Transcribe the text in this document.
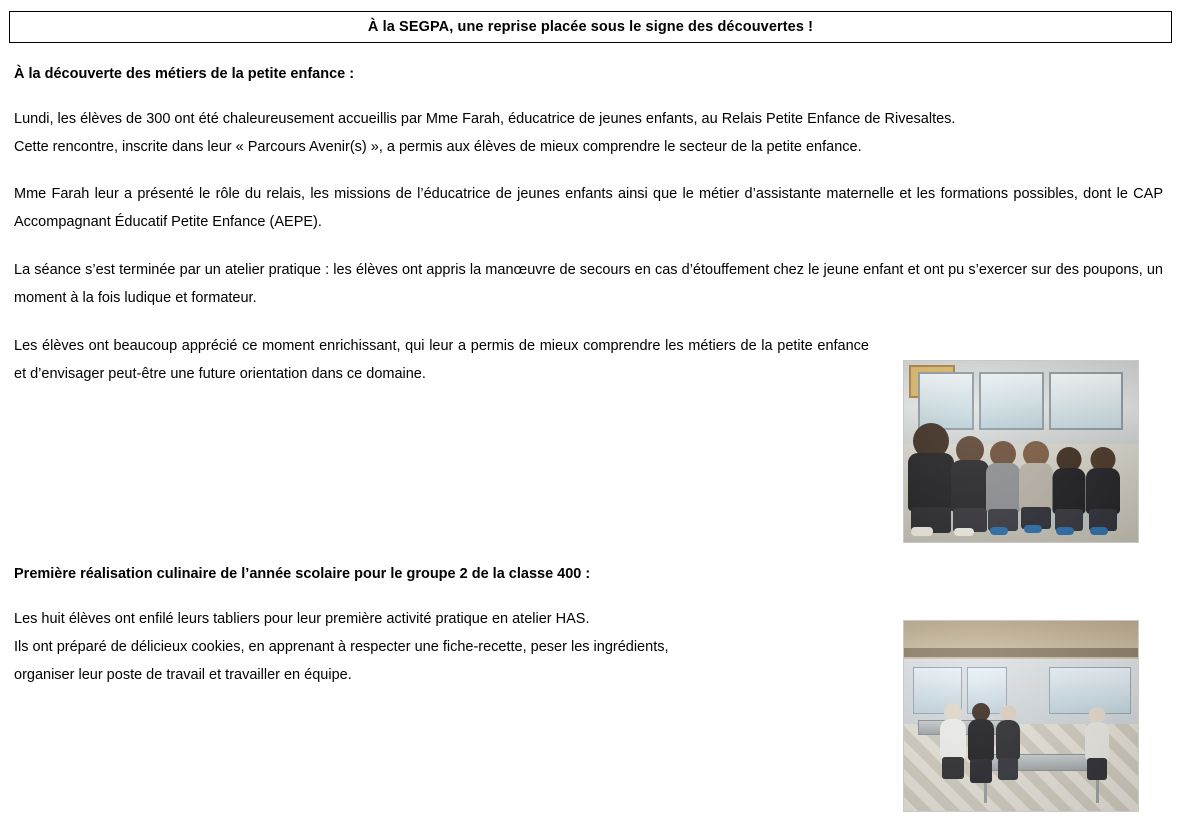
À la SEGPA, une reprise placée sous le signe des découvertes !
À la découverte des métiers de la petite enfance :

Lundi, les élèves de 300 ont été chaleureusement accueillis par Mme Farah, éducatrice de jeunes enfants, au Relais Petite Enfance de Rivesaltes.

Cette rencontre, inscrite dans leur « Parcours Avenir(s) », a permis aux élèves de mieux comprendre le secteur de la petite enfance.

Mme Farah leur a présenté le rôle du relais, les missions de l’éducatrice de jeunes enfants ainsi que le métier d’assistante maternelle et les formations possibles, dont le CAP Accompagnant Éducatif Petite Enfance (AEPE).

La séance s’est terminée par un atelier pratique : les élèves ont appris la manœuvre de secours en cas d’étouffement chez le jeune enfant et ont pu s’exercer sur des poupons, un moment à la fois ludique et formateur.

Les élèves ont beaucoup apprécié ce moment enrichissant, qui leur a permis de mieux comprendre les métiers de la petite enfance et d’envisager peut-être une future orientation dans ce domaine.

Première réalisation culinaire de l’année scolaire pour le groupe 2 de la classe 400 :

Les huit élèves ont enfilé leurs tabliers pour leur première activité pratique en atelier HAS.

Ils ont préparé de délicieux cookies, en apprenant à respecter une fiche-recette, peser les ingrédients,

organiser leur poste de travail et travailler en équipe.
